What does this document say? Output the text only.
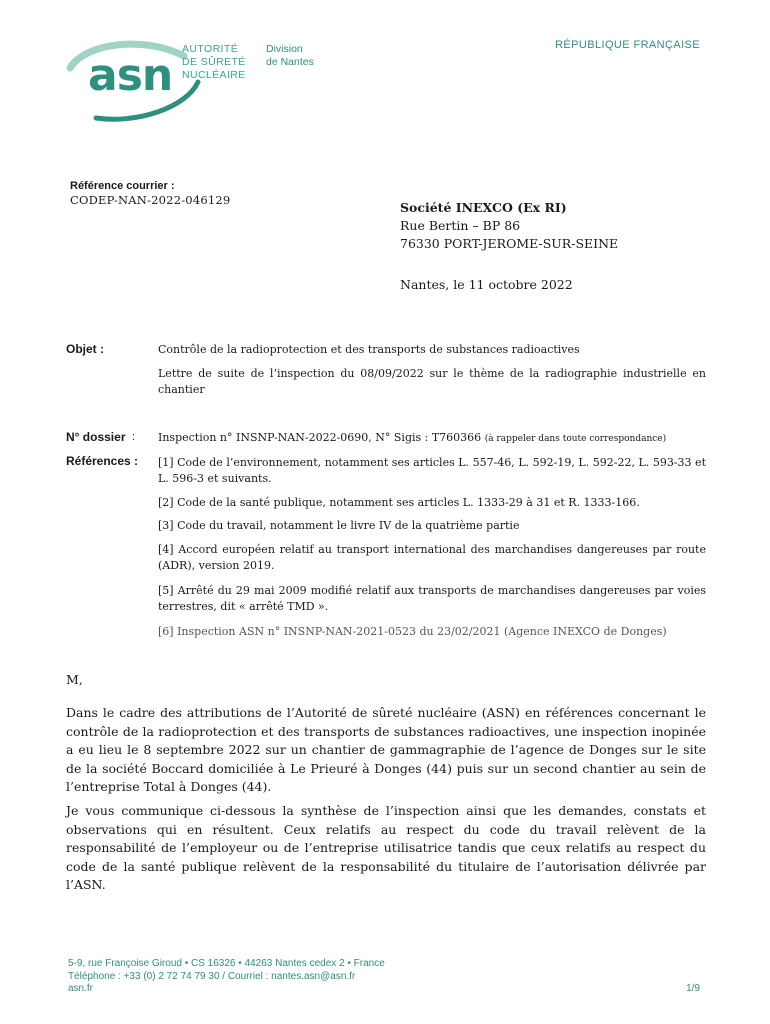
asn
AUTORITÉ
DE SÛRETÉ
NUCLÉAIRE
Division
de Nantes
RÉPUBLIQUE FRANÇAISE
Référence courrier :
CODEP-NAN-2022-046129	Société INEXCO (Ex RI)
Rue Bertin – BP 86
76330 PORT-JEROME-SUR-SEINE
Nantes, le 11 octobre 2022
Objet :	Contrôle de la radioprotection et des transports de substances radioactives
Lettre de suite de l’inspection du 08/09/2022 sur le thème de la radiographie industrielle en chantier
N° dossier : Inspection n° INSNP-NAN-2022-0690, N° Sigis : T760366 (à rappeler dans toute correspondance)
Références : [1] Code de l’environnement, notamment ses articles L. 557-46, L. 592-19, L. 592-22, L. 593-33 et L. 596-3 et suivants.
[2] Code de la santé publique, notamment ses articles L. 1333-29 à 31 et R. 1333-166.
[3] Code du travail, notamment le livre IV de la quatrième partie
[4] Accord européen relatif au transport international des marchandises dangereuses par route (ADR), version 2019.
[5] Arrêté du 29 mai 2009 modifié relatif aux transports de marchandises dangereuses par voies terrestres, dit « arrêté TMD ».
[6] Inspection ASN n° INSNP-NAN-2021-0523 du 23/02/2021 (Agence INEXCO de Donges)
M,
Dans le cadre des attributions de l’Autorité de sûreté nucléaire (ASN) en références concernant le contrôle de la radioprotection et des transports de substances radioactives, une inspection inopinée a eu lieu le 8 septembre 2022 sur un chantier de gammagraphie de l’agence de Donges sur le site de la société Boccard domiciliée à Le Prieuré à Donges (44) puis sur un second chantier au sein de l’entreprise Total à Donges (44).
Je vous communique ci-dessous la synthèse de l’inspection ainsi que les demandes, constats et observations qui en résultent. Ceux relatifs au respect du code du travail relèvent de la responsabilité de l’employeur ou de l’entreprise utilisatrice tandis que ceux relatifs au respect du code de la santé publique relèvent de la responsabilité du titulaire de l’autorisation délivrée par l’ASN.
5-9, rue Françoise Giroud • CS 16326 • 44263 Nantes cedex 2 • France
Téléphone : +33 (0) 2 72 74 79 30 / Courriel : nantes.asn@asn.fr
asn.fr	1/9
